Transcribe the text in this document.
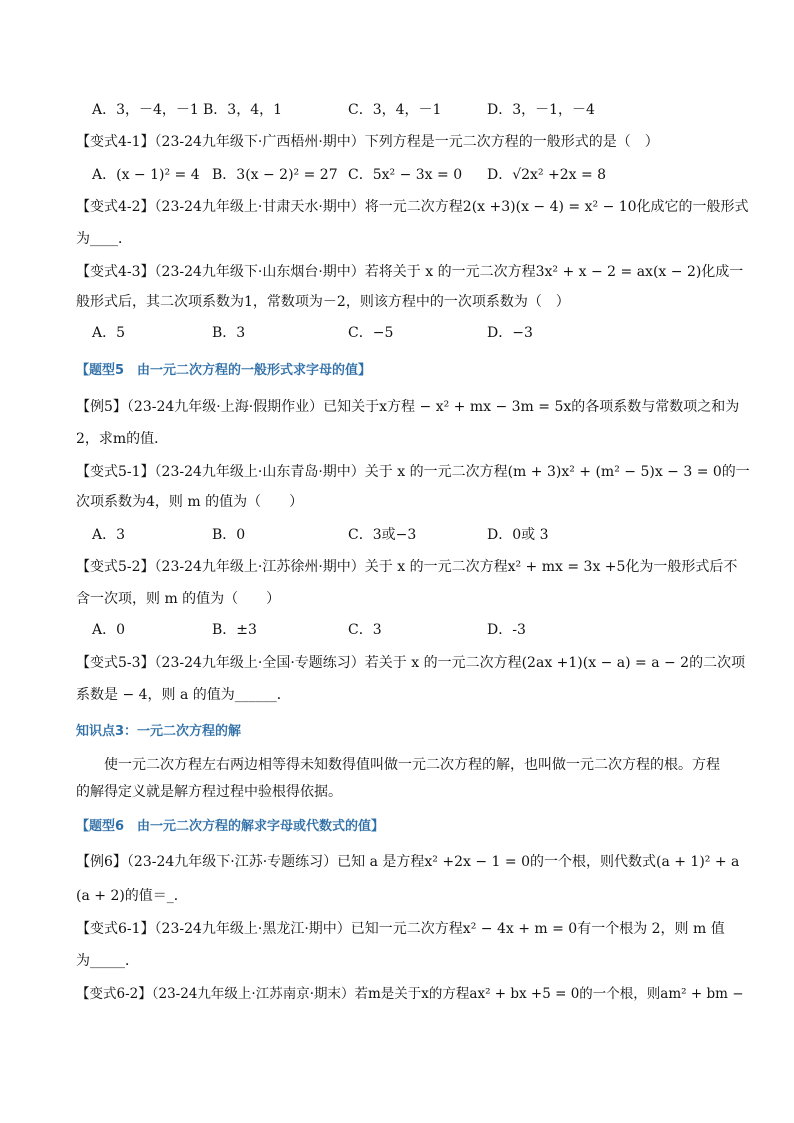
A．3，－4，－1 B．3，4，1	C．3，4，－1	D．3，－1，－4
【变式4-1】（23-24九年级下·广西梧州·期中）下列方程是一元二次方程的一般形式的是（　）
A．(x − 1)² = 4 B．3(x − 2)² = 27 C．5x² − 3x = 0 D．√2x² +2x = 8
【变式4-2】（23-24九年级上·甘肃天水·期中）将一元二次方程2(x +3)(x − 4) = x² − 10化成它的一般形式
为____．
【变式4-3】（23-24九年级下·山东烟台·期中）若将关于 x 的一元二次方程3x² + x − 2 = ax(x − 2)化成一
般形式后，其二次项系数为1，常数项为－2，则该方程中的一次项系数为（　）
A．5	B．3	C．−5	D．−3
【题型5　由一元二次方程的一般形式求字母的值】
【例5】（23-24九年级·上海·假期作业）已知关于x方程 − x² + mx − 3m = 5x的各项系数与常数项之和为
2，求m的值．
【变式5-1】（23-24九年级上·山东青岛·期中）关于 x 的一元二次方程(m + 3)x² + (m² − 5)x − 3 = 0的一
次项系数为4，则 m 的值为（　　）
A．3	B．0	C．3或−3	D．0或 3
【变式5-2】（23-24九年级上·江苏徐州·期中）关于 x 的一元二次方程x² + mx = 3x +5化为一般形式后不
含一次项，则 m 的值为（　　）
A．0	B．±3	C．3	D．-3
【变式5-3】（23-24九年级上·全国·专题练习）若关于 x 的一元二次方程(2ax +1)(x − a) = a − 2的二次项
系数是 − 4，则 a 的值为______．
知识点3：一元二次方程的解
使一元二次方程左右两边相等得未知数得值叫做一元二次方程的解，也叫做一元二次方程的根。方程的解得定义就是解方程过程中验根得依据。
【题型6　由一元二次方程的解求字母或代数式的值】
【例6】（23-24九年级下·江苏·专题练习）已知 a 是方程x² +2x − 1 = 0的一个根，则代数式(a + 1)² + a
(a + 2)的值＝_．
【变式6-1】（23-24九年级上·黑龙江·期中）已知一元二次方程x² − 4x + m = 0有一个根为 2，则 m 值
为_____．
【变式6-2】（23-24九年级上·江苏南京·期末）若m是关于x的方程ax² + bx +5 = 0的一个根，则am² + bm −
